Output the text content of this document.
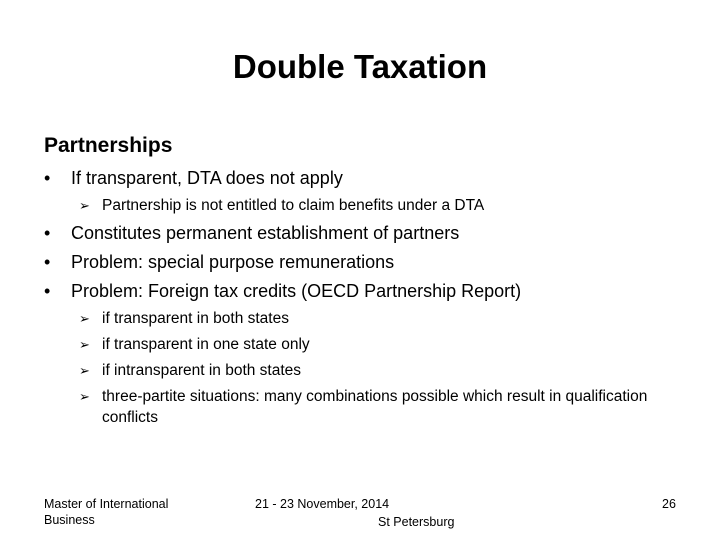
Double Taxation
Partnerships
• If transparent, DTA does not apply
➢ Partnership is not entitled to claim benefits under a DTA
• Constitutes permanent establishment of partners
• Problem: special purpose remunerations
• Problem: Foreign tax credits (OECD Partnership Report)
➢ if transparent in both states
➢ if transparent in one state only
➢ if intransparent in both states
➢ three-partite situations: many combinations possible which result in qualification conflicts
Master of International
Business
21 - 23 November, 2014
St Petersburg
26
